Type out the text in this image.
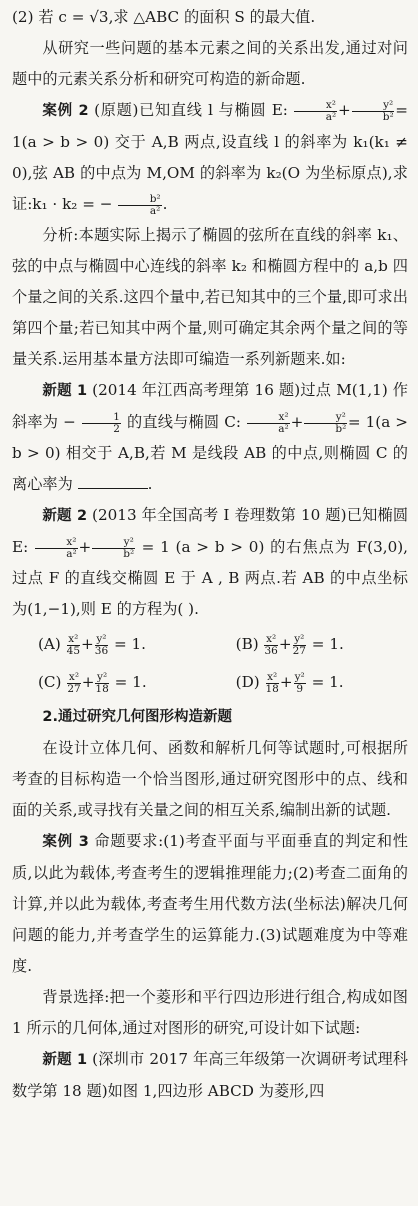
(2) 若 c = √3,求 △ABC 的面积 S 的最大值.

从研究一些问题的基本元素之间的关系出发,通过对问题中的元素关系分析和研究可构造的新命题.

案例 2 (原题)已知直线 l 与椭圆 E: $\frac{\text{x²}}{\text{a²}} + \frac{\text{y²}}{\text{b²}} = 1(a > b > 0)$ 交于 A,B 两点,设直线 l 的斜率为 k₁(k₁ ≠ 0),弦 AB 的中点为 M,OM 的斜率为 k₂(O 为坐标原点),求证:k₁ · k₂ = − $\frac{\text{b²}}{\text{a²}}$ .

分析:本题实际上揭示了椭圆的弦所在直线的斜率 k₁、弦的中点与椭圆中心连线的斜率 k₂ 和椭圆方程中的 a,b 四个量之间的关系.这四个量中,若已知其中的三个量,即可求出第四个量;若已知其中两个量,则可确定其余两个量之间的等量关系.运用基本量方法即可编造一系列新题来.如:

新题 1 (2014 年江西高考理第 16 题)过点 M(1,1) 作斜率为 − $\frac{1}{2}$ 的直线与椭圆 C: $\frac{\text{x²}}{\text{a²}} + \frac{\text{y²}}{\text{b²}} = 1(a > b > 0)$ 相交于 A,B,若 M 是线段 AB 的中点,则椭圆 C 的离心率为	.

新题 2 (2013 年全国高考 Ⅰ 卷理数第 10 题)已知椭圆 E: $\frac{\text{x²}}{\text{a²}} + \frac{\text{y²}}{\text{b²}} = 1$ (a > b > 0) 的右焦点为 F(3,0),过点 F 的直线交椭圆 E 于 A , B 两点.若 AB 的中点坐标为(1,−1),则 E 的方程为( ).

$(A) \frac{\text{x²}}{45} + \frac{\text{y²}}{36} = 1$.	$(B) \frac{\text{x²}}{36} + \frac{\text{y²}}{27} = 1$.
$(C) \frac{\text{x²}}{27} + \frac{\text{y²}}{18} = 1$.	$(D) \frac{\text{x²}}{18} + \frac{\text{y²}}{9} = 1$.

2.通过研究几何图形构造新题

在设计立体几何、函数和解析几何等试题时,可根据所考查的目标构造一个恰当图形,通过研究图形中的点、线和面的关系,或寻找有关量之间的相互关系,编制出新的试题.

案例 3 命题要求:(1)考查平面与平面垂直的判定和性质,以此为载体,考查考生的逻辑推理能力;(2)考查二面角的计算,并以此为载体,考查考生用代数方法(坐标法)解决几何问题的能力,并考查学生的运算能力.(3)试题难度为中等难度.

背景选择:把一个菱形和平行四边形进行组合,构成如图 1 所示的几何体,通过对图形的研究,可设计如下试题:

新题 1 (深圳市 2017 年高三年级第一次调研考试理科数学第 18 题)如图 1,四边形 ABCD 为菱形,四
